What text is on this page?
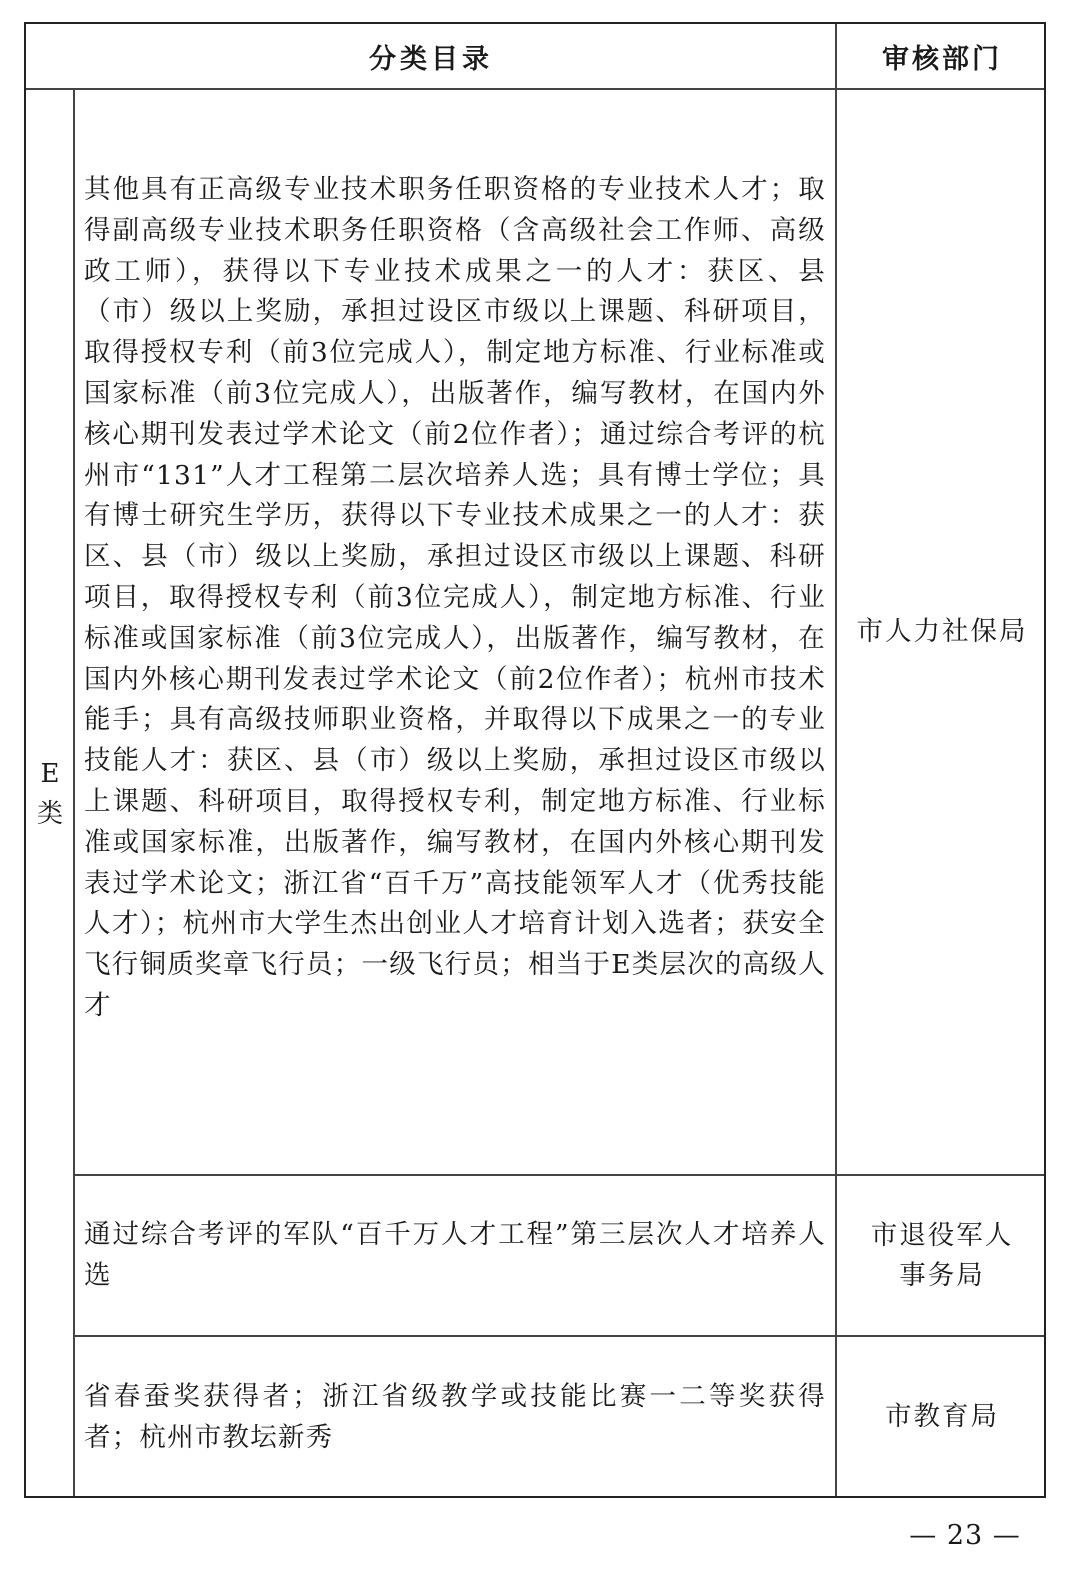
分类目录	审核部门
E
类
其他具有正高级专业技术职务任职资格的专业技术人才；取得副高级专业技术职务任职资格（含高级社会工作师、高级政工师），获得以下专业技术成果之一的人才：获区、县（市）级以上奖励，承担过设区市级以上课题、科研项目，取得授权专利（前3位完成人），制定地方标准、行业标准或国家标准（前3位完成人），出版著作，编写教材，在国内外核心期刊发表过学术论文（前2位作者）；通过综合考评的杭州市“131”人才工程第二层次培养人选；具有博士学位；具有博士研究生学历，获得以下专业技术成果之一的人才：获区、县（市）级以上奖励，承担过设区市级以上课题、科研项目，取得授权专利（前3位完成人），制定地方标准、行业标准或国家标准（前3位完成人），出版著作，编写教材，在国内外核心期刊发表过学术论文（前2位作者）；杭州市技术能手；具有高级技师职业资格，并取得以下成果之一的专业技能人才：获区、县（市）级以上奖励，承担过设区市级以上课题、科研项目，取得授权专利，制定地方标准、行业标准或国家标准，出版著作，编写教材，在国内外核心期刊发表过学术论文；浙江省“百千万”高技能领军人才（优秀技能人才）；杭州市大学生杰出创业人才培育计划入选者；获安全飞行铜质奖章飞行员；一级飞行员；相当于E类层次的高级人才
市人力社保局
通过综合考评的军队“百千万人才工程”第三层次人才培养人选
市退役军人
事务局
省春蚕奖获得者；浙江省级教学或技能比赛一二等奖获得者；杭州市教坛新秀
市教育局
— 23 —
